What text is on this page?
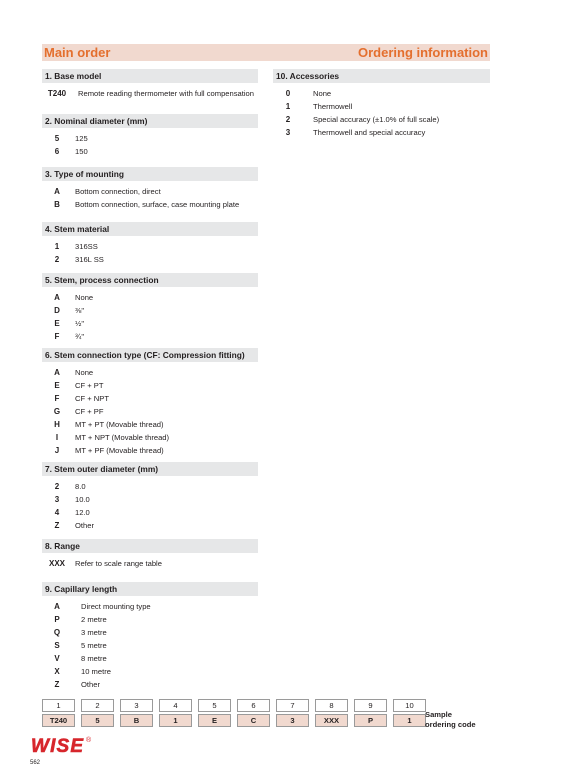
Main order	Ordering information
1. Base model
T240	Remote reading thermometer with full compensation
2. Nominal diameter (mm)
5	125
6	150
3. Type of mounting
A	Bottom connection, direct
B	Bottom connection, surface, case mounting plate
4. Stem material
1	316SS
2	316L SS
5. Stem, process connection
A	None
D	⅜"
E	½"
F	¾"
6. Stem connection type (CF: Compression fitting)
A	None
E	CF + PT
F	CF + NPT
G	CF + PF
H	MT + PT (Movable thread)
I	MT + NPT (Movable thread)
J	MT + PF (Movable thread)
7. Stem outer diameter (mm)
2	8.0
3	10.0
4	12.0
Z	Other
8. Range
XXX	Refer to scale range table
9. Capillary length
A	Direct mounting type
P	2 metre
Q	3 metre
S	5 metre
V	8 metre
X	10 metre
Z	Other
10. Accessories
0	None
1	Thermowell
2	Special accuracy (±1.0% of full scale)
3	Thermowell and special accuracy
1	2	3	4	5	6	7	8	9	10
T240	5	B	1	E	C	3	XXX	P	1
Sample
ordering code
WISE ®
562
